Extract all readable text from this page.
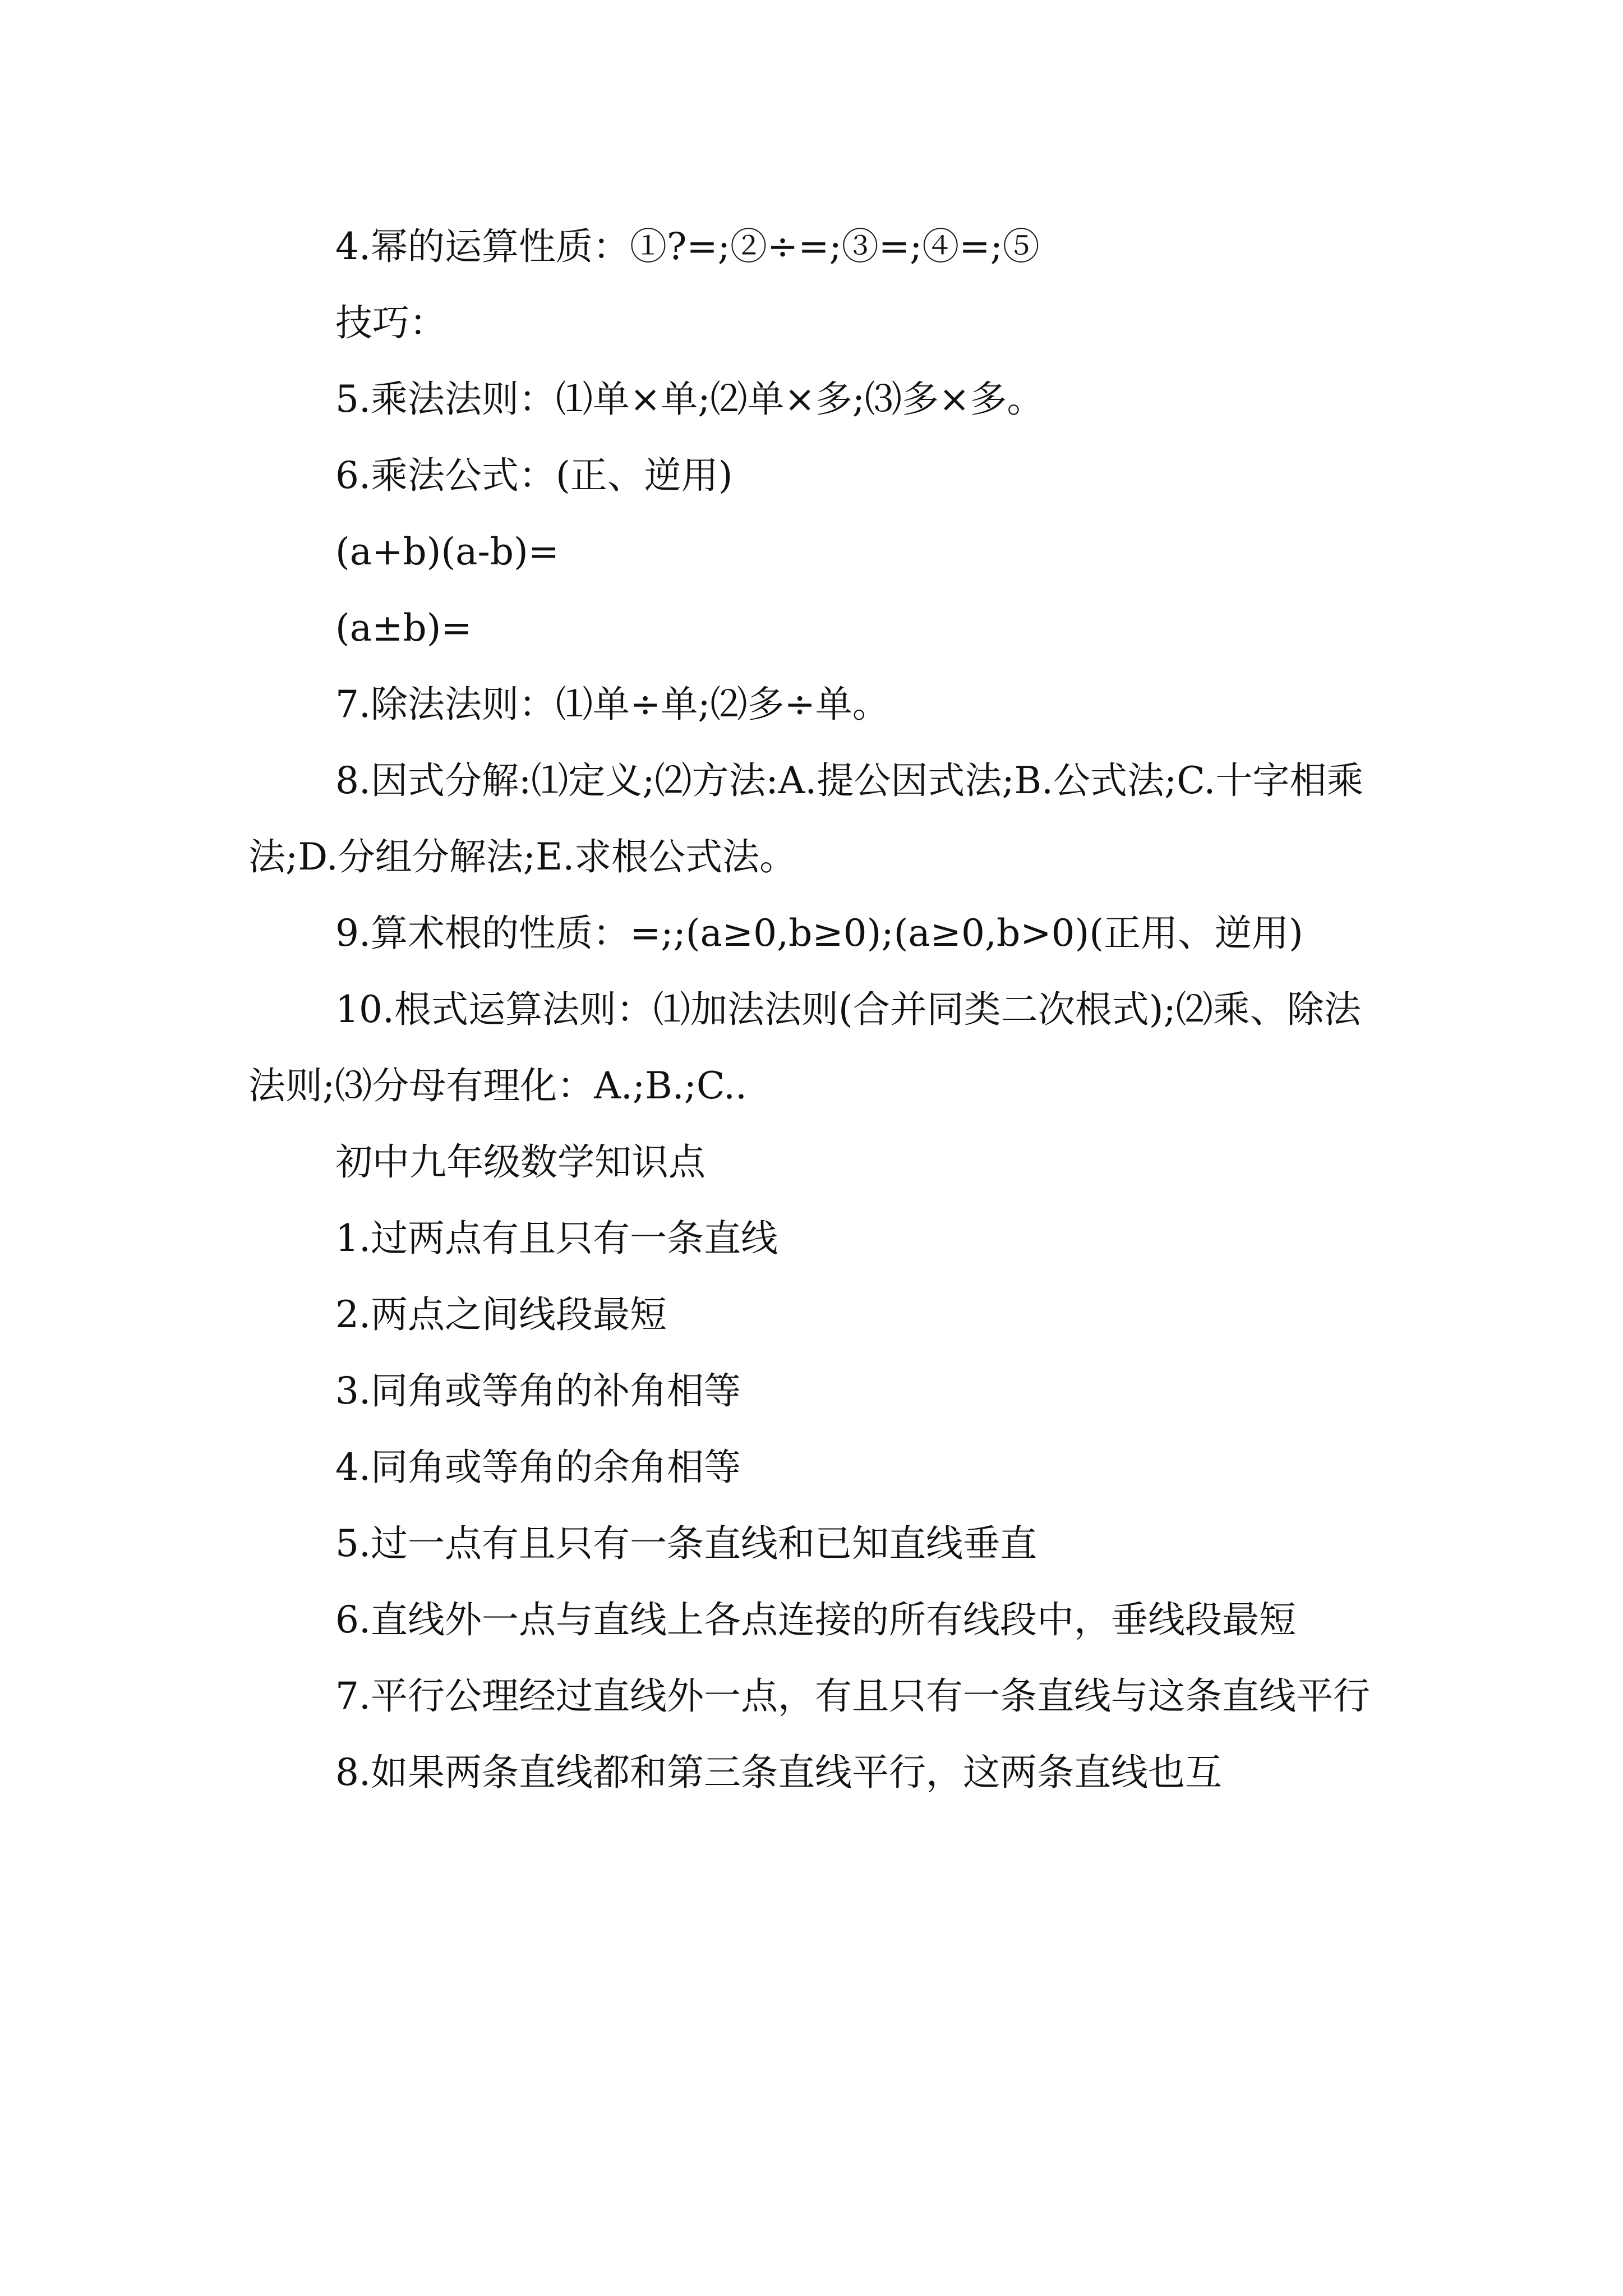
4.幂的运算性质：①?=;②÷=;③=;④=;⑤

技巧：

5.乘法法则：⑴单×单;⑵单×多;⑶多×多。

6.乘法公式：(正、逆用)

(a+b)(a-b)=

(a±b)=

7.除法法则：⑴单÷单;⑵多÷单。

8.因式分解:⑴定义;⑵方法:A.提公因式法;B.公式法;C.十字相乘法;D.分组分解法;E.求根公式法。

9.算术根的性质：=;;(a≥0,b≥0);(a≥0,b>0)(正用、逆用)

10.根式运算法则：⑴加法法则(合并同类二次根式);⑵乘、除法法则;⑶分母有理化：A.;B.;C..

初中九年级数学知识点

1.过两点有且只有一条直线

2.两点之间线段最短

3.同角或等角的补角相等

4.同角或等角的余角相等

5.过一点有且只有一条直线和已知直线垂直

6.直线外一点与直线上各点连接的所有线段中，垂线段最短

7.平行公理经过直线外一点，有且只有一条直线与这条直线平行

8.如果两条直线都和第三条直线平行，这两条直线也互
